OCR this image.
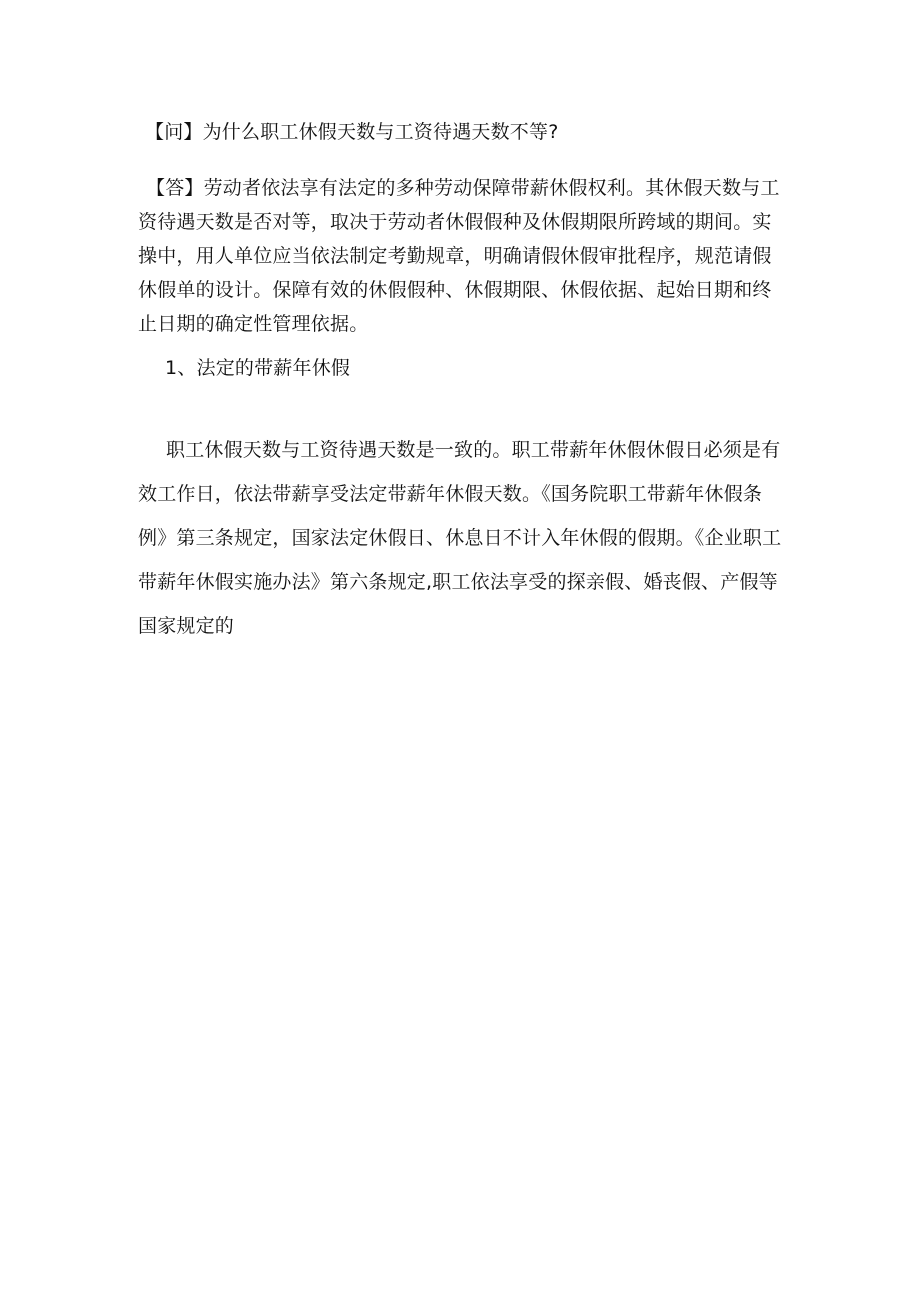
【问】为什么职工休假天数与工资待遇天数不等?

【答】劳动者依法享有法定的多种劳动保障带薪休假权利。其休假天数与工资待遇天数是否对等，取决于劳动者休假假种及休假期限所跨域的期间。实操中，用人单位应当依法制定考勤规章，明确请假休假审批程序，规范请假休假单的设计。保障有效的休假假种、休假期限、休假依据、起始日期和终止日期的确定性管理依据。

1、法定的带薪年休假

职工休假天数与工资待遇天数是一致的。职工带薪年休假休假日必须是有效工作日，依法带薪享受法定带薪年休假天数。《国务院职工带薪年休假条例》第三条规定，国家法定休假日、休息日不计入年休假的假期。《企业职工带薪年休假实施办法》第六条规定,职工依法享受的探亲假、婚丧假、产假等国家规定的
